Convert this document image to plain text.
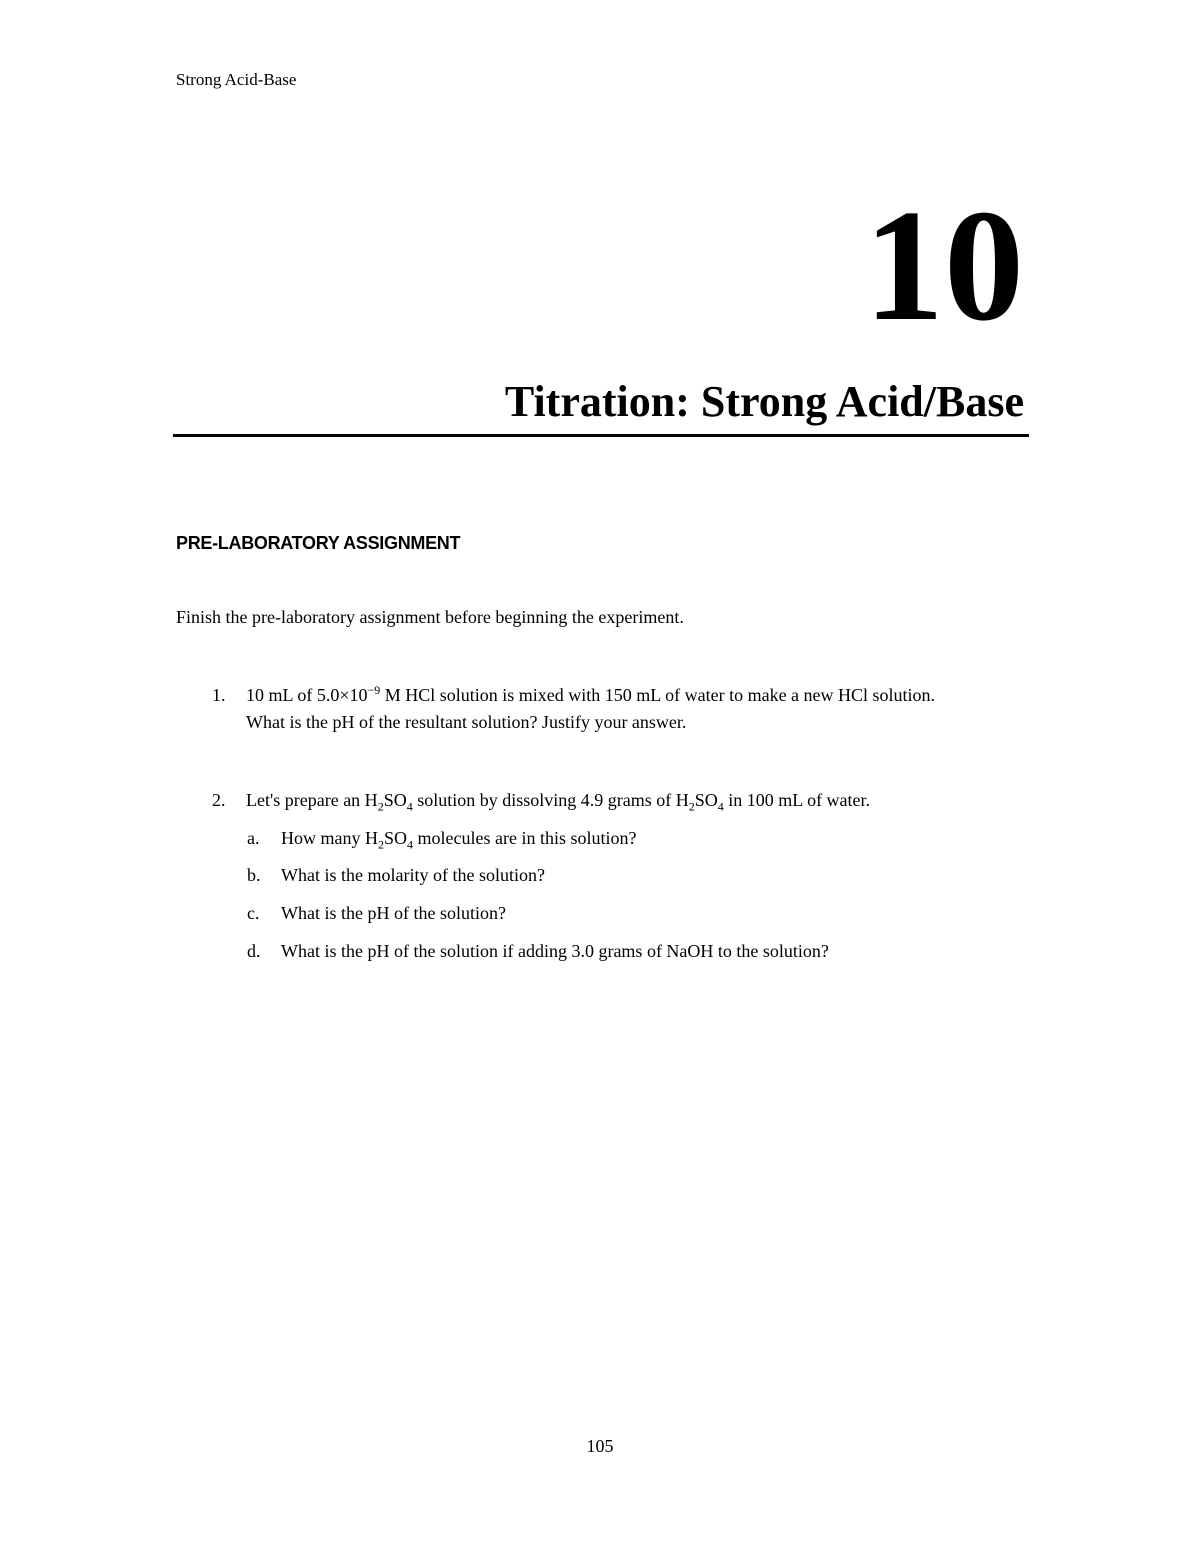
Strong Acid-Base
10
Titration: Strong Acid/Base
PRE-LABORATORY ASSIGNMENT
Finish the pre-laboratory assignment before beginning the experiment.
1. 10 mL of $5.0\times 10^{-9}$ M HCl solution is mixed with 150 mL of water to make a new HCl solution.
What is the pH of the resultant solution? Justify your answer.
2. Let's prepare an $H_2SO_4$ solution by dissolving 4.9 grams of $H_2SO_4$ in 100 mL of water.
a. How many $H_2SO_4$ molecules are in this solution?
b. What is the molarity of the solution?
c. What is the pH of the solution?
d. What is the pH of the solution if adding 3.0 grams of NaOH to the solution?
105
